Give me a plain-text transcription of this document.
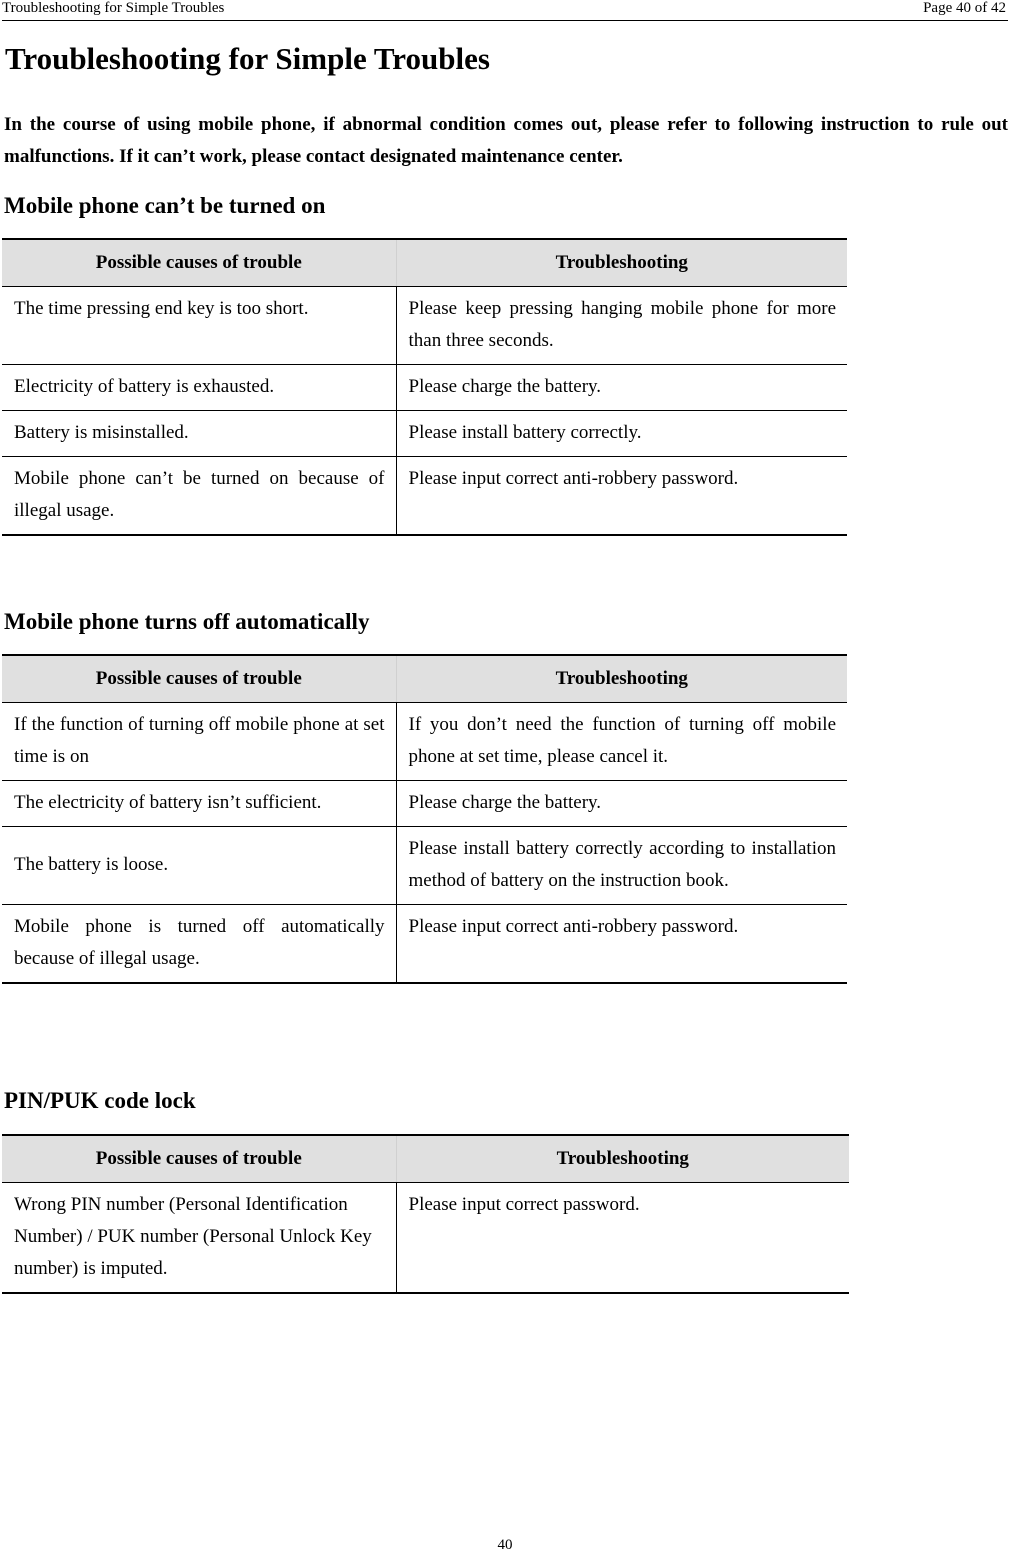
Troubleshooting for Simple Troubles	Page 40 of 42
Troubleshooting for Simple Troubles

In the course of using mobile phone, if abnormal condition comes out, please refer to following instruction to rule out malfunctions. If it can’t work, please contact designated maintenance center.

Mobile phone can’t be turned on
Possible causes of trouble	Troubleshooting
The time pressing end key is too short.	Please keep pressing hanging mobile phone for more than three seconds.
Electricity of battery is exhausted.	Please charge the battery.
Battery is misinstalled.	Please install battery correctly.
Mobile phone can’t be turned on because of illegal usage.	Please input correct anti-robbery password.
Mobile phone turns off automatically
Possible causes of trouble	Troubleshooting
If the function of turning off mobile phone at set time is on	If you don’t need the function of turning off mobile phone at set time, please cancel it.
The electricity of battery isn’t sufficient.	Please charge the battery.
The battery is loose.	Please install battery correctly according to installation method of battery on the instruction book.
Mobile phone is turned off automatically because of illegal usage.	Please input correct anti-robbery password.
PIN/PUK code lock
Possible causes of trouble	Troubleshooting
Wrong PIN number (Personal Identification Number) / PUK number (Personal Unlock Key number) is imputed.	Please input correct password.
40
